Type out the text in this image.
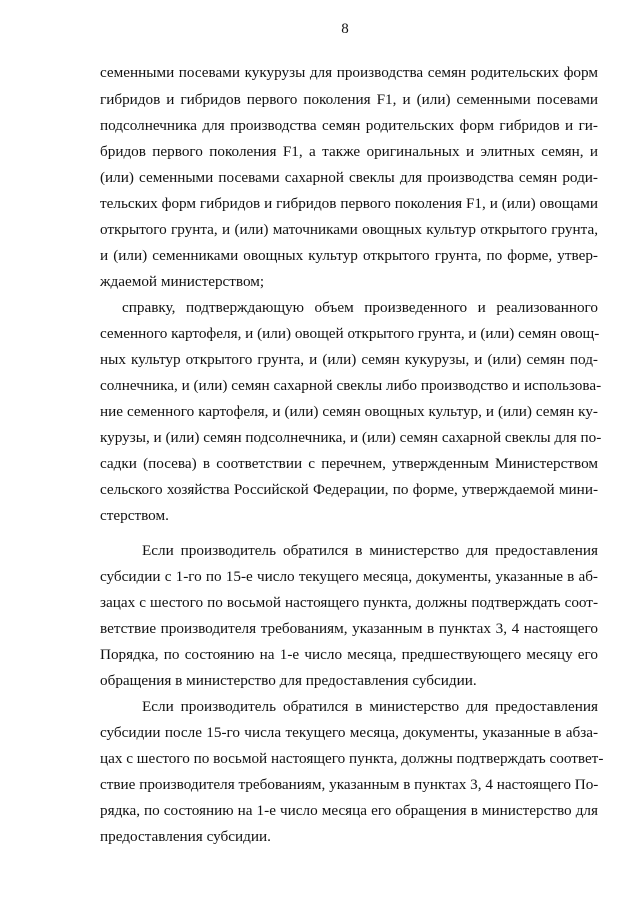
8
семенными посевами кукурузы для производства семян родительских форм
гибридов и гибридов первого поколения F1, и (или) семенными посевами
подсолнечника для производства семян родительских форм гибридов и ги-
бридов первого поколения F1, а также оригинальных и элитных семян, и
(или) семенными посевами сахарной свеклы для производства семян роди-
тельских форм гибридов и гибридов первого поколения F1, и (или) овощами
открытого грунта, и (или) маточниками овощных культур открытого грунта,
и (или) семенниками овощных культур открытого грунта, по форме, утвер-
ждаемой министерством;
справку, подтверждающую объем произведенного и реализованного
семенного картофеля, и (или) овощей открытого грунта, и (или) семян овощ-
ных культур открытого грунта, и (или) семян кукурузы, и (или) семян под-
солнечника, и (или) семян сахарной свеклы либо производство и использова-
ние семенного картофеля, и (или) семян овощных культур, и (или) семян ку-
курузы, и (или) семян подсолнечника, и (или) семян сахарной свеклы для по-
садки (посева) в соответствии с перечнем, утвержденным Министерством
сельского хозяйства Российской Федерации, по форме, утверждаемой мини-
стерством.
Если производитель обратился в министерство для предоставления
субсидии с 1-го по 15-е число текущего месяца, документы, указанные в аб-
зацах с шестого по восьмой настоящего пункта, должны подтверждать соот-
ветствие производителя требованиям, указанным в пунктах 3, 4 настоящего
Порядка, по состоянию на 1-е число месяца, предшествующего месяцу его
обращения в министерство для предоставления субсидии.
Если производитель обратился в министерство для предоставления
субсидии после 15-го числа текущего месяца, документы, указанные в абза-
цах с шестого по восьмой настоящего пункта, должны подтверждать соответ-
ствие производителя требованиям, указанным в пунктах 3, 4 настоящего По-
рядка, по состоянию на 1-е число месяца его обращения в министерство для
предоставления субсидии.
